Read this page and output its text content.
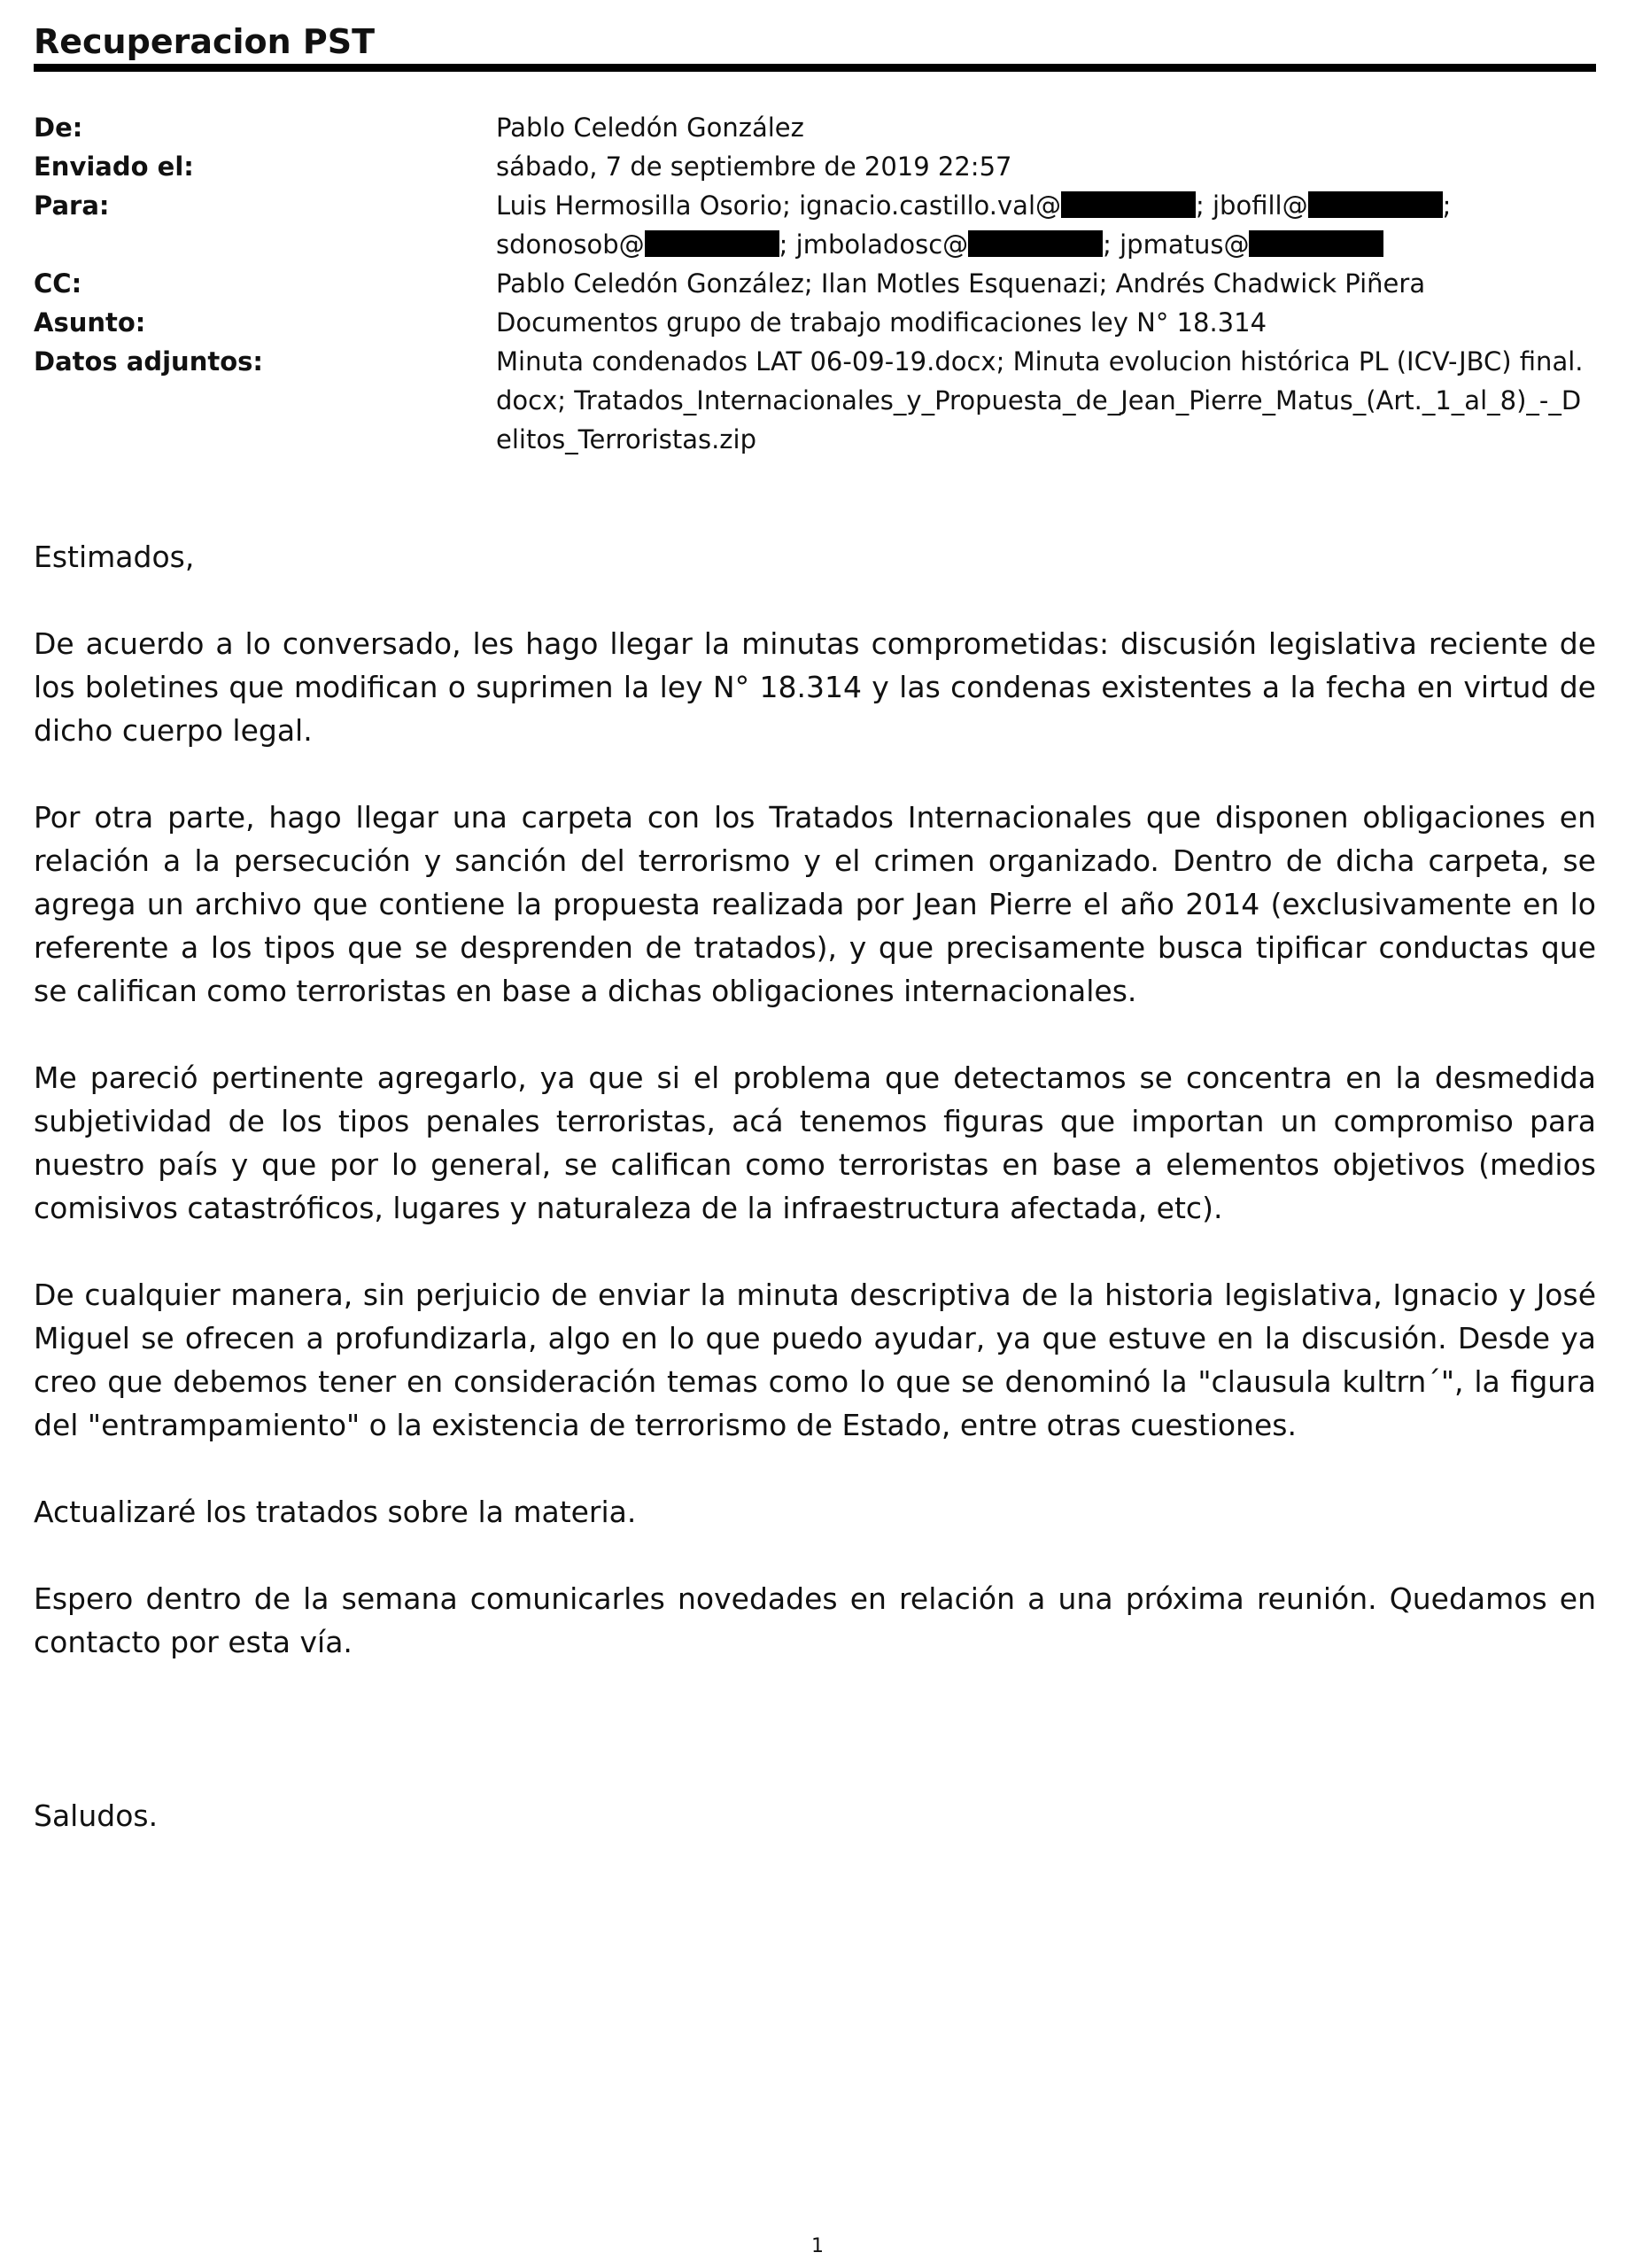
Recuperacion PST
De:	Pablo Celedón González
Enviado el:	sábado, 7 de septiembre de 2019 22:57
Para:	Luis Hermosilla Osorio; ignacio.castillo.val@	; jbofill@	;
sdonosob@	; jmboladosc@	; jpmatus@
CC:	Pablo Celedón González; Ilan Motles Esquenazi; Andrés Chadwick Piñera
Asunto:	Documentos grupo de trabajo modificaciones ley N° 18.314
Datos adjuntos:	Minuta condenados LAT 06-09-19.docx; Minuta evolucion histórica PL (ICV-JBC) final.docx; Tratados_Internacionales_y_Propuesta_de_Jean_Pierre_Matus_(Art._1_al_8)_-_Delitos_Terroristas.zip

Estimados,

De acuerdo a lo conversado, les hago llegar la minutas comprometidas: discusión legislativa reciente de los boletines que modifican o suprimen la ley N° 18.314 y las condenas existentes a la fecha en virtud de dicho cuerpo legal.

Por otra parte, hago llegar una carpeta con los Tratados Internacionales que disponen obligaciones en relación a la persecución y sanción del terrorismo y el crimen organizado. Dentro de dicha carpeta, se agrega un archivo que contiene la propuesta realizada por Jean Pierre el año 2014 (exclusivamente en lo referente a los tipos que se desprenden de tratados), y que precisamente busca tipificar conductas que se califican como terroristas en base a dichas obligaciones internacionales.

Me pareció pertinente agregarlo, ya que si el problema que detectamos se concentra en la desmedida subjetividad de los tipos penales terroristas, acá tenemos figuras que importan un compromiso para nuestro país y que por lo general, se califican como terroristas en base a elementos objetivos (medios comisivos catastróficos, lugares y naturaleza de la infraestructura afectada, etc).

De cualquier manera, sin perjuicio de enviar la minuta descriptiva de la historia legislativa, Ignacio y José Miguel se ofrecen a profundizarla, algo en lo que puedo ayudar, ya que estuve en la discusión. Desde ya creo que debemos tener en consideración temas como lo que se denominó la "clausula kultrn´", la figura del "entrampamiento" o la existencia de terrorismo de Estado, entre otras cuestiones.

Actualizaré los tratados sobre la materia.

Espero dentro de la semana comunicarles novedades en relación a una próxima reunión. Quedamos en contacto por esta vía.

Saludos.

1
